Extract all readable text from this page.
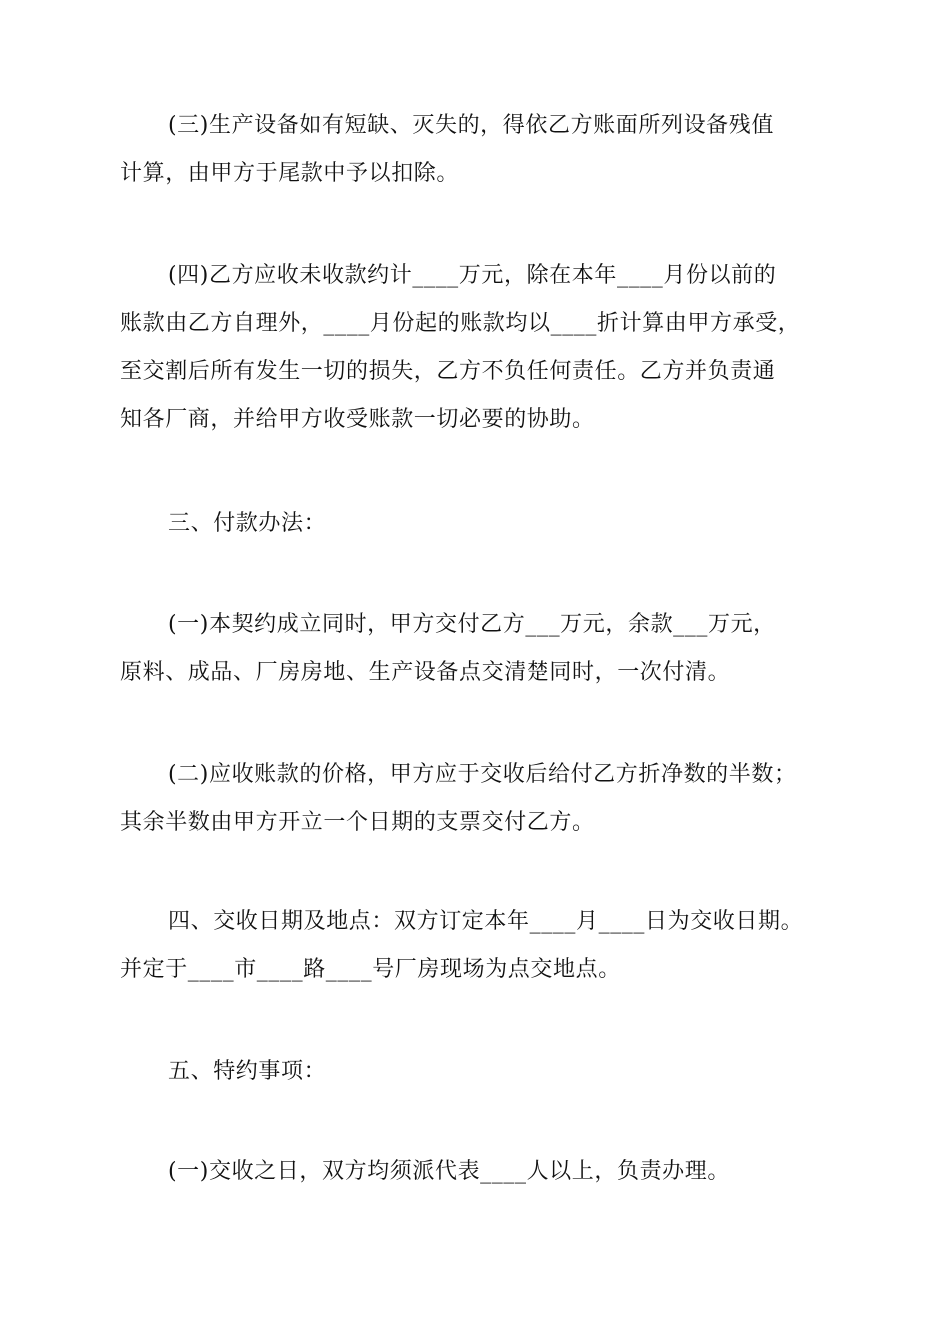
(三)生产设备如有短缺、灭失的，得依乙方账面所列设备残值
计算，由甲方于尾款中予以扣除。

(四)乙方应收未收款约计____万元，除在本年____月份以前的
账款由乙方自理外，____月份起的账款均以____折计算由甲方承受，
至交割后所有发生一切的损失，乙方不负任何责任。乙方并负责通
知各厂商，并给甲方收受账款一切必要的协助。

三、付款办法：

(一)本契约成立同时，甲方交付乙方___万元，余款___万元，
原料、成品、厂房房地、生产设备点交清楚同时，一次付清。

(二)应收账款的价格，甲方应于交收后给付乙方折净数的半数；
其余半数由甲方开立一个日期的支票交付乙方。

四、交收日期及地点：双方订定本年____月____日为交收日期。
并定于____市____路____号厂房现场为点交地点。

五、特约事项：

(一)交收之日，双方均须派代表____人以上，负责办理。
